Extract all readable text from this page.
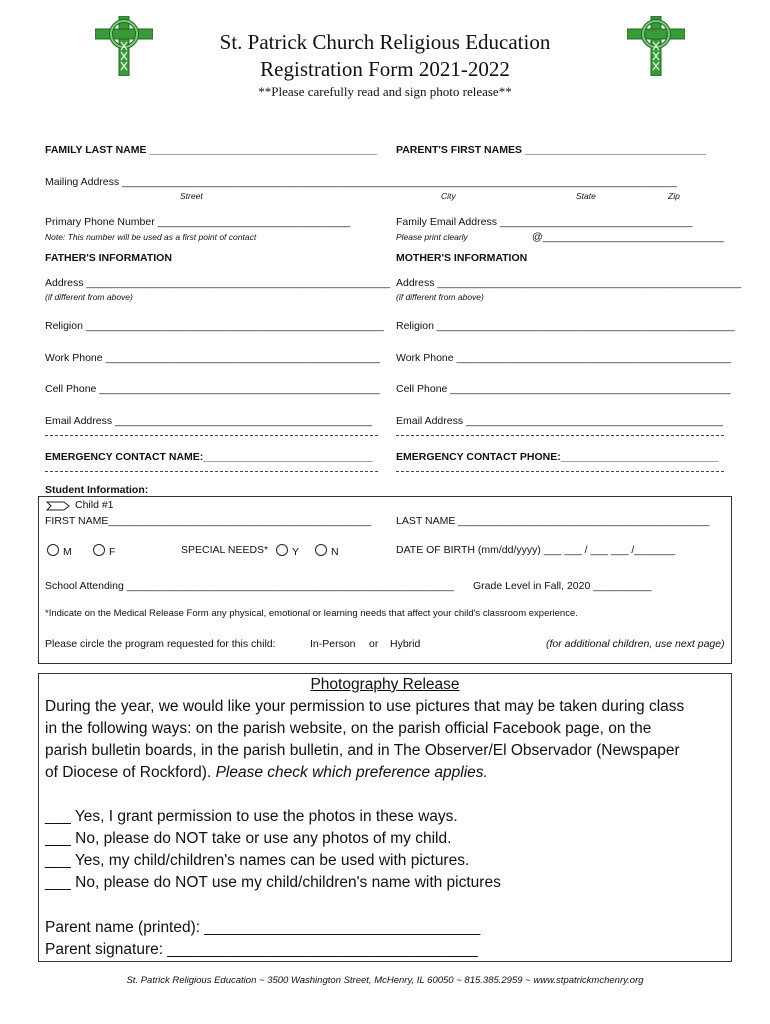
St. Patrick Church Religious Education
Registration Form 2021-2022
**Please carefully read and sign photo release**
FAMILY LAST NAME _______________________________________ PARENT'S FIRST NAMES _______________________________
Mailing Address _______________________________________________________________________________________________
Street	City	State	Zip
Primary Phone Number _________________________________
Note: This number will be used as a first point of contact
Family Email Address _________________________________
Please print clearly	@_______________________________
FATHER'S INFORMATION	MOTHER'S INFORMATION
Address ____________________________________________________
(if different from above)
Address ____________________________________________________
(if different from above)
Religion ___________________________________________________ Religion ___________________________________________________
Work Phone _______________________________________________ Work Phone _______________________________________________
Cell Phone ________________________________________________ Cell Phone ________________________________________________
Email Address ____________________________________________ Email Address ____________________________________________
EMERGENCY CONTACT NAME:_____________________________ EMERGENCY CONTACT PHONE:___________________________
Student Information:
Child #1
FIRST NAME_____________________________________________ LAST NAME ___________________________________________
M	F	SPECIAL NEEDS*	Y	N	DATE OF BIRTH (mm/dd/yyyy) ___ ___ / ___ ___ /_______
School Attending ________________________________________________________ Grade Level in Fall, 2020 __________
*Indicate on the Medical Release Form any physical, emotional or learning needs that affect your child's classroom experience.
Please circle the program requested for this child:	In-Person or Hybrid	(for additional children, use next page)
Photography Release
During the year, we would like your permission to use pictures that may be taken during class
in the following ways: on the parish website, on the parish official Facebook page, on the
parish bulletin boards, in the parish bulletin, and in The Observer/El Observador (Newspaper
of Diocese of Rockford). Please check which preference applies.
___ Yes, I grant permission to use the photos in these ways.
___ No, please do NOT take or use any photos of my child.
___ Yes, my child/children's names can be used with pictures.
___ No, please do NOT use my child/children's name with pictures
Parent name (printed): ________________________________
Parent signature: ____________________________________
St. Patrick Religious Education ~ 3500 Washington Street, McHenry, IL 60050 ~ 815.385.2959 ~ www.stpatrickmchenry.org
